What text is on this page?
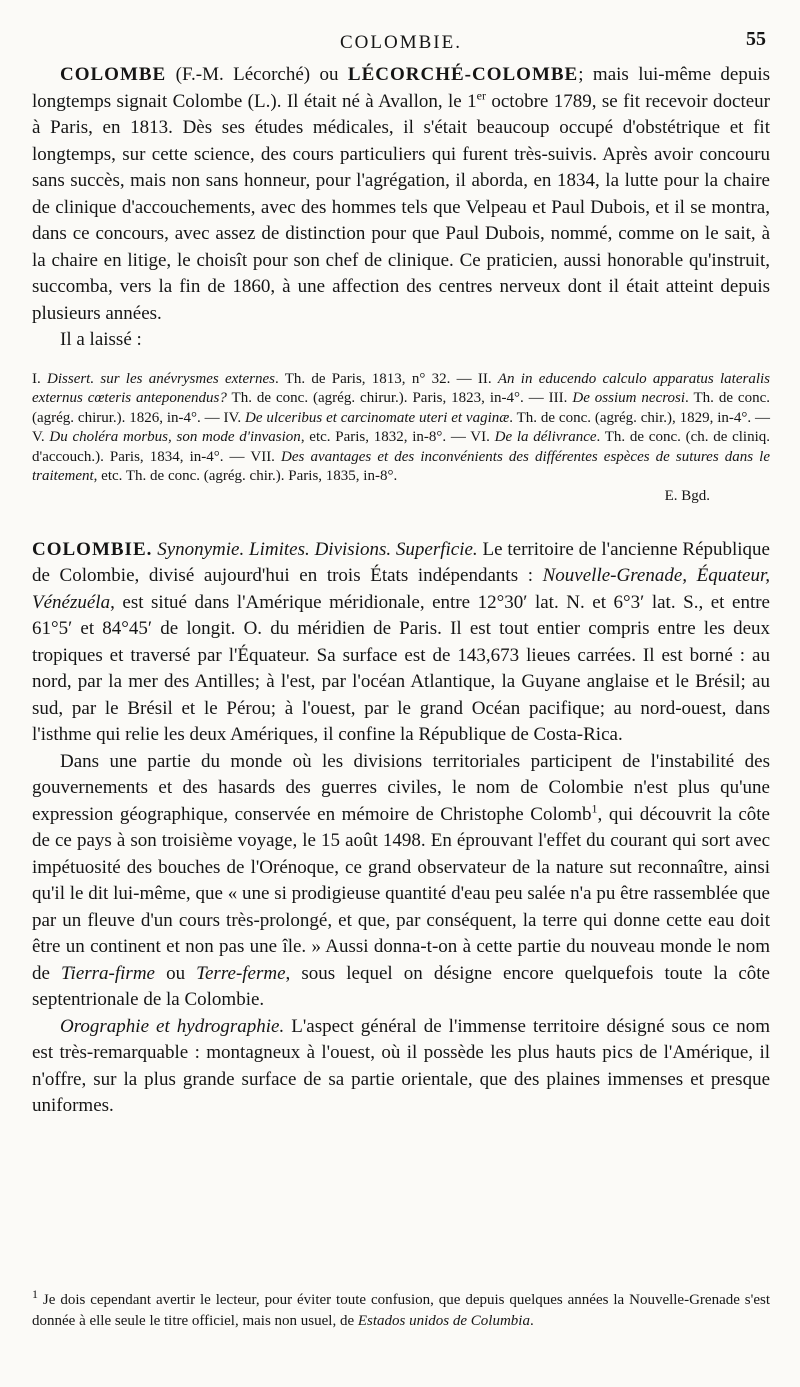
COLOMBIE.	55

COLOMBE (F.-M. Lécorché) ou LÉCORCHÉ-COLOMBE; mais lui-même depuis longtemps signait Colombe (L.). Il était né à Avallon, le 1er octobre 1789, se fit recevoir docteur à Paris, en 1813. Dès ses études médicales, il s'était beaucoup occupé d'obstétrique et fit longtemps, sur cette science, des cours particuliers qui furent très-suivis. Après avoir concouru sans succès, mais non sans honneur, pour l'agrégation, il aborda, en 1834, la lutte pour la chaire de clinique d'accouchements, avec des hommes tels que Velpeau et Paul Dubois, et il se montra, dans ce concours, avec assez de distinction pour que Paul Dubois, nommé, comme on le sait, à la chaire en litige, le choisît pour son chef de clinique. Ce praticien, aussi honorable qu'instruit, succomba, vers la fin de 1860, à une affection des centres nerveux dont il était atteint depuis plusieurs années.

Il a laissé :

I. Dissert. sur les anévrysmes externes. Th. de Paris, 1813, n° 32. — II. An in educendo calculo apparatus lateralis externus cœteris anteponendus? Th. de conc. (agrég. chirur.). Paris, 1823, in-4°. — III. De ossium necrosi. Th. de conc. (agrég. chirur.). 1826, in-4°. — IV. De ulceribus et carcinomate uteri et vaginæ. Th. de conc. (agrég. chir.), 1829, in-4°. — V. Du choléra morbus, son mode d'invasion, etc. Paris, 1832, in-8°. — VI. De la délivrance. Th. de conc. (ch. de cliniq. d'accouch.). Paris, 1834, in-4°. — VII. Des avantages et des inconvénients des différentes espèces de sutures dans le traitement, etc. Th. de conc. (agrég. chir.). Paris, 1835, in-8°.

E. Bgd.

COLOMBIE. Synonymie. Limites. Divisions. Superficie. Le territoire de l'ancienne République de Colombie, divisé aujourd'hui en trois États indépendants : Nouvelle-Grenade, Équateur, Vénézuéla, est situé dans l'Amérique méridionale, entre 12°30′ lat. N. et 6°3′ lat. S., et entre 61°5′ et 84°45′ de longit. O. du méridien de Paris. Il est tout entier compris entre les deux tropiques et traversé par l'Équateur. Sa surface est de 143,673 lieues carrées. Il est borné : au nord, par la mer des Antilles; à l'est, par l'océan Atlantique, la Guyane anglaise et le Brésil; au sud, par le Brésil et le Pérou; à l'ouest, par le grand Océan pacifique; au nord-ouest, dans l'isthme qui relie les deux Amériques, il confine la République de Costa-Rica.

Dans une partie du monde où les divisions territoriales participent de l'instabilité des gouvernements et des hasards des guerres civiles, le nom de Colombie n'est plus qu'une expression géographique, conservée en mémoire de Christophe Colomb$^1$, qui découvrit la côte de ce pays à son troisième voyage, le 15 août 1498. En éprouvant l'effet du courant qui sort avec impétuosité des bouches de l'Orénoque, ce grand observateur de la nature sut reconnaître, ainsi qu'il le dit lui-même, que « une si prodigieuse quantité d'eau peu salée n'a pu être rassemblée que par un fleuve d'un cours très-prolongé, et que, par conséquent, la terre qui donne cette eau doit être un continent et non pas une île. » Aussi donna-t-on à cette partie du nouveau monde le nom de Tierra-firme ou Terre-ferme, sous lequel on désigne encore quelquefois toute la côte septentrionale de la Colombie.

Orographie et hydrographie. L'aspect général de l'immense territoire désigné sous ce nom est très-remarquable : montagneux à l'ouest, où il possède les plus hauts pics de l'Amérique, il n'offre, sur la plus grande surface de sa partie orientale, que des plaines immenses et presque uniformes.

$^1$ Je dois cependant avertir le lecteur, pour éviter toute confusion, que depuis quelques années la Nouvelle-Grenade s'est donnée à elle seule le titre officiel, mais non usuel, de Estados unidos de Columbia.
